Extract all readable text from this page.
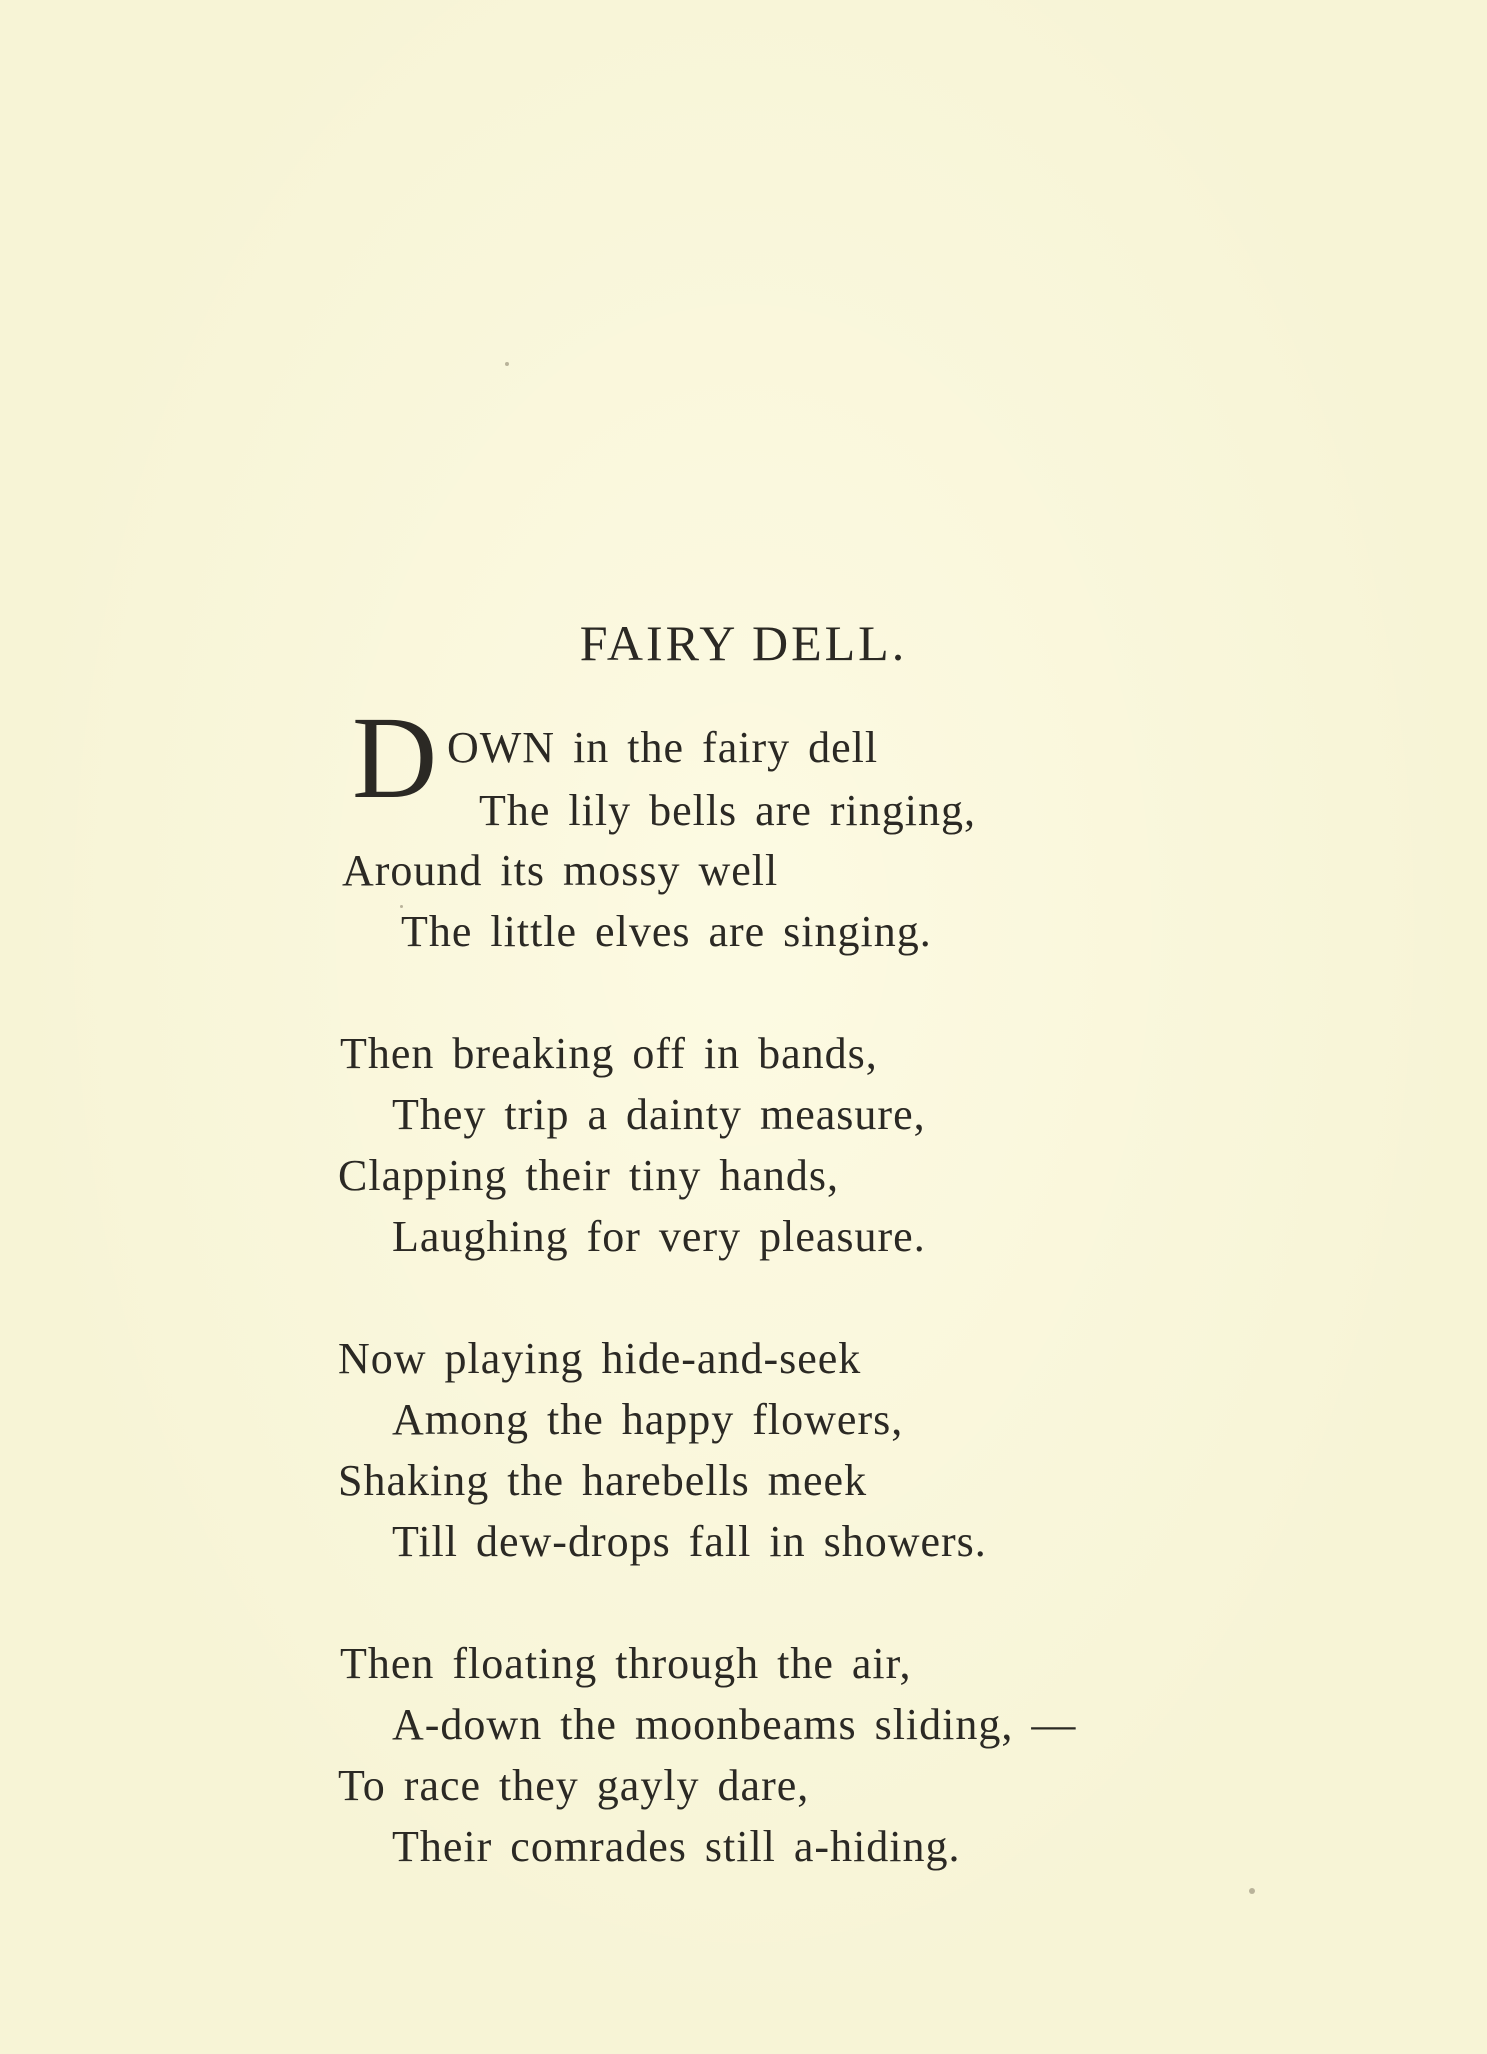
FAIRY DELL.
D OWN in the fairy dell
The lily bells are ringing,
Around its mossy well
The little elves are singing.
Then breaking off in bands,
They trip a dainty measure,
Clapping their tiny hands,
Laughing for very pleasure.
Now playing hide-and-seek
Among the happy flowers,
Shaking the harebells meek
Till dew-drops fall in showers.
Then floating through the air,
A-down the moonbeams sliding, —
To race they gayly dare,
Their comrades still a-hiding.
